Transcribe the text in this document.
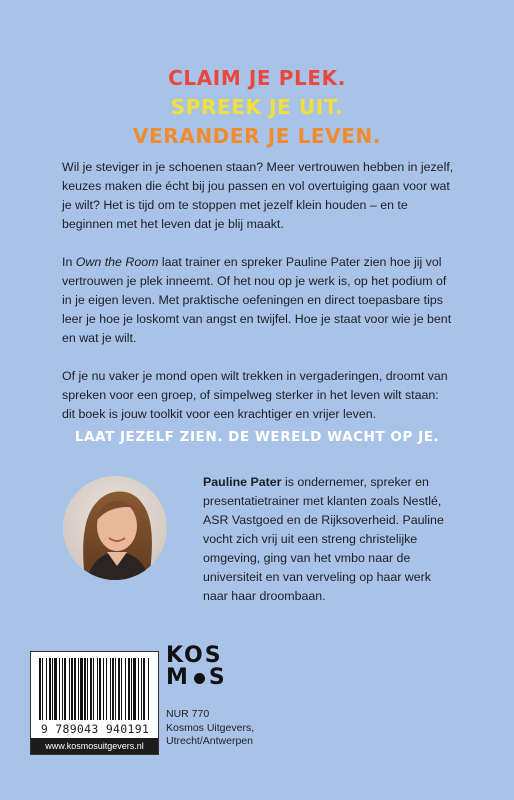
CLAIM JE PLEK.
SPREEK JE UIT.
VERANDER JE LEVEN.

Wil je steviger in je schoenen staan? Meer vertrouwen hebben in jezelf, keuzes maken die écht bij jou passen en vol overtuiging gaan voor wat je wilt? Het is tijd om te stoppen met jezelf klein houden – en te beginnen met het leven dat je blij maakt.

In Own the Room laat trainer en spreker Pauline Pater zien hoe jij vol vertrouwen je plek inneemt. Of het nou op je werk is, op het podium of in je eigen leven. Met praktische oefeningen en direct toepasbare tips leer je hoe je loskomt van angst en twijfel. Hoe je staat voor wie je bent en wat je wilt.

Of je nu vaker je mond open wilt trekken in vergaderingen, droomt van spreken voor een groep, of simpelweg sterker in het leven wilt staan: dit boek is jouw toolkit voor een krachtiger en vrijer leven.

LAAT JEZELF ZIEN. DE WERELD WACHT OP JE.
Pauline Pater is ondernemer, spreker en presentatietrainer met klanten zoals Nestlé, ASR Vastgoed en de Rijksoverheid. Pauline vocht zich vrij uit een streng christelijke omgeving, ging van het vmbo naar de universiteit en van verveling op haar werk naar haar droombaan.
9 789043 940191
www.kosmosuitgevers.nl
KOS
M S
NUR 770
Kosmos Uitgevers,
Utrecht/Antwerpen
